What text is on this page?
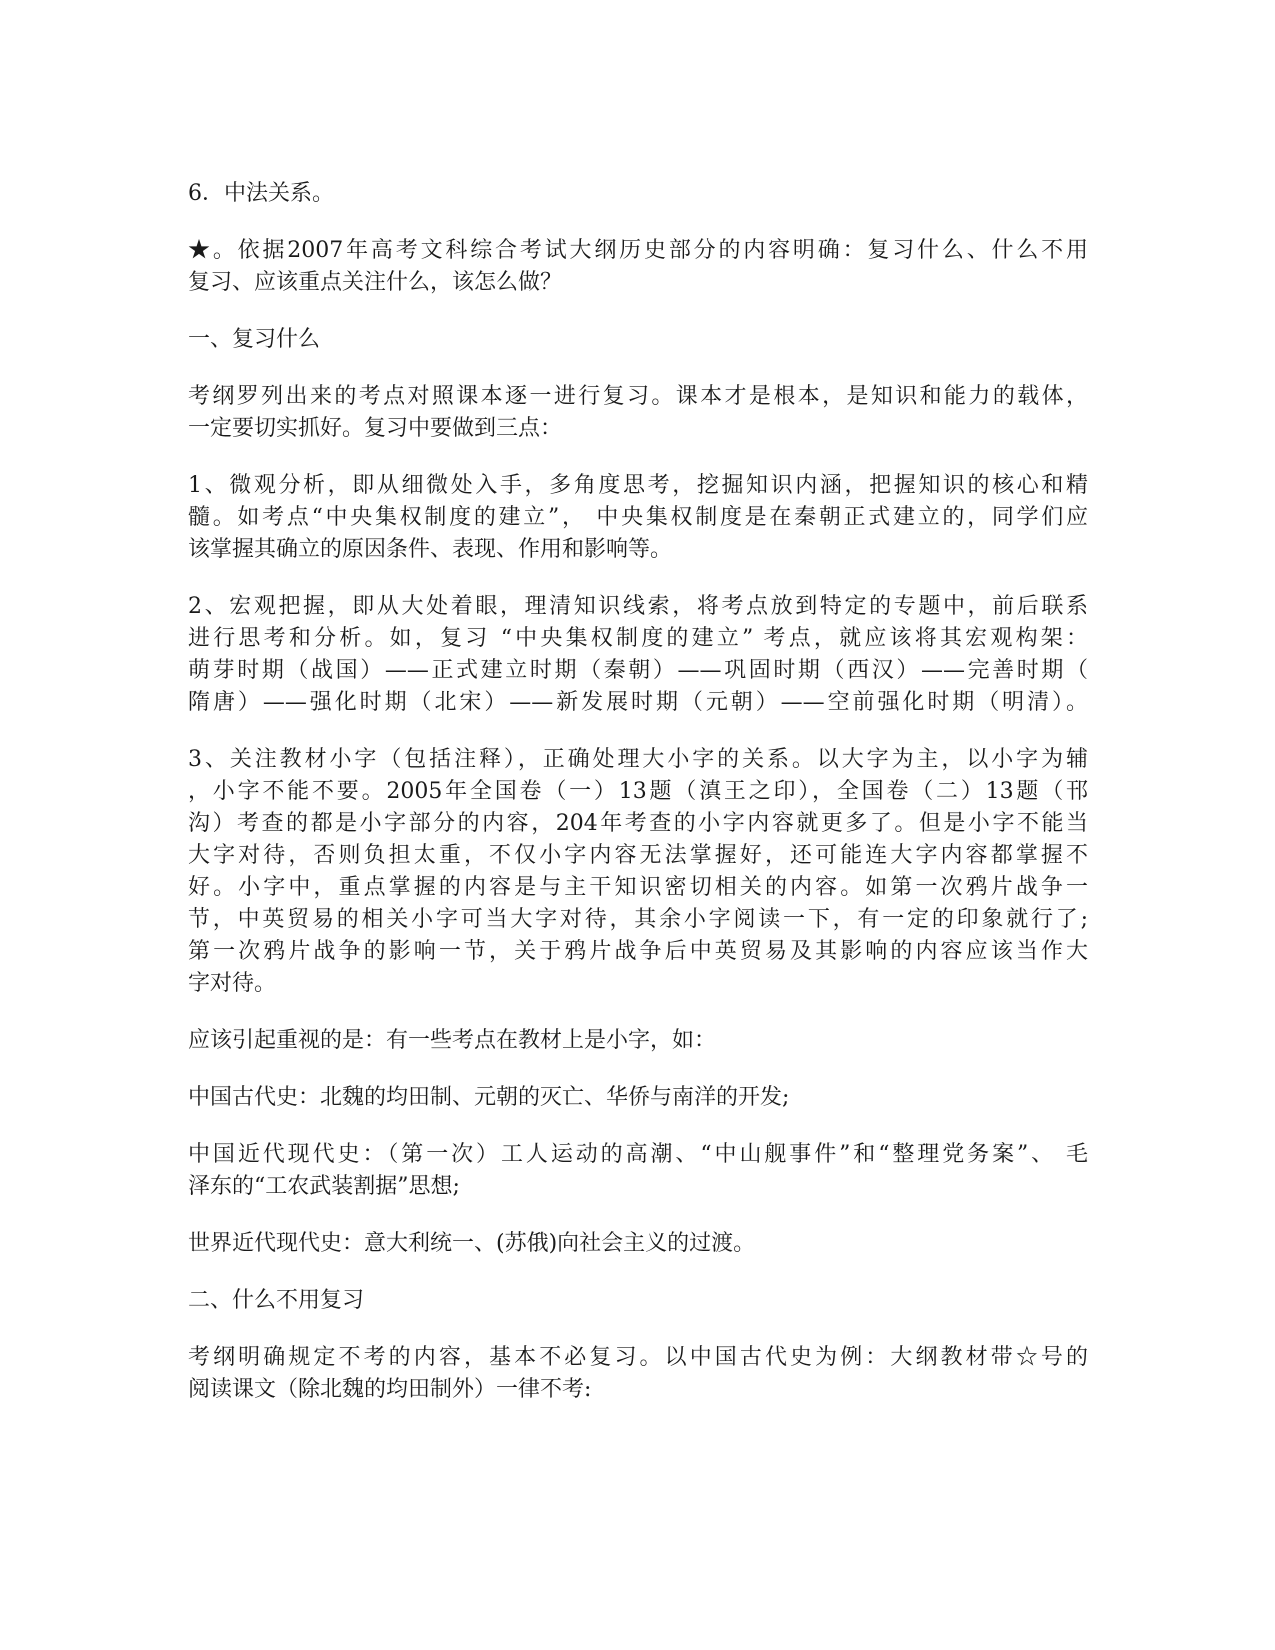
6．中法关系。

★。依据2007年高考文科综合考试大纲历史部分的内容明确：复习什么、什么不用
复习、应该重点关注什么，该怎么做？

一、复习什么

考纲罗列出来的考点对照课本逐一进行复习。课本才是根本，是知识和能力的载体，
一定要切实抓好。复习中要做到三点：

1、微观分析，即从细微处入手，多角度思考，挖掘知识内涵，把握知识的核心和精
髓。如考点“中央集权制度的建立”， 中央集权制度是在秦朝正式建立的，同学们应
该掌握其确立的原因条件、表现、作用和影响等。

2、宏观把握，即从大处着眼，理清知识线索，将考点放到特定的专题中，前后联系
进行思考和分析。如，复习 “中央集权制度的建立” 考点，就应该将其宏观构架：
萌芽时期（战国）——正式建立时期（秦朝）——巩固时期（西汉）——完善时期（
隋唐）——强化时期（北宋）——新发展时期（元朝）——空前强化时期（明清）。

3、关注教材小字（包括注释），正确处理大小字的关系。以大字为主，以小字为辅
，小字不能不要。2005年全国卷（一）13题（滇王之印），全国卷（二）13题（邗
沟）考查的都是小字部分的内容，204年考查的小字内容就更多了。但是小字不能当
大字对待，否则负担太重，不仅小字内容无法掌握好，还可能连大字内容都掌握不
好。小字中，重点掌握的内容是与主干知识密切相关的内容。如第一次鸦片战争一
节，中英贸易的相关小字可当大字对待，其余小字阅读一下，有一定的印象就行了;
第一次鸦片战争的影响一节，关于鸦片战争后中英贸易及其影响的内容应该当作大
字对待。

应该引起重视的是：有一些考点在教材上是小字，如：

中国古代史：北魏的均田制、元朝的灭亡、华侨与南洋的开发;

中国近代现代史：（第一次）工人运动的高潮、“中山舰事件”和“整理党务案”、 毛
泽东的“工农武装割据”思想;

世界近代现代史：意大利统一、(苏俄)向社会主义的过渡。

二、什么不用复习

考纲明确规定不考的内容，基本不必复习。以中国古代史为例：大纲教材带☆号的
阅读课文（除北魏的均田制外）一律不考:
